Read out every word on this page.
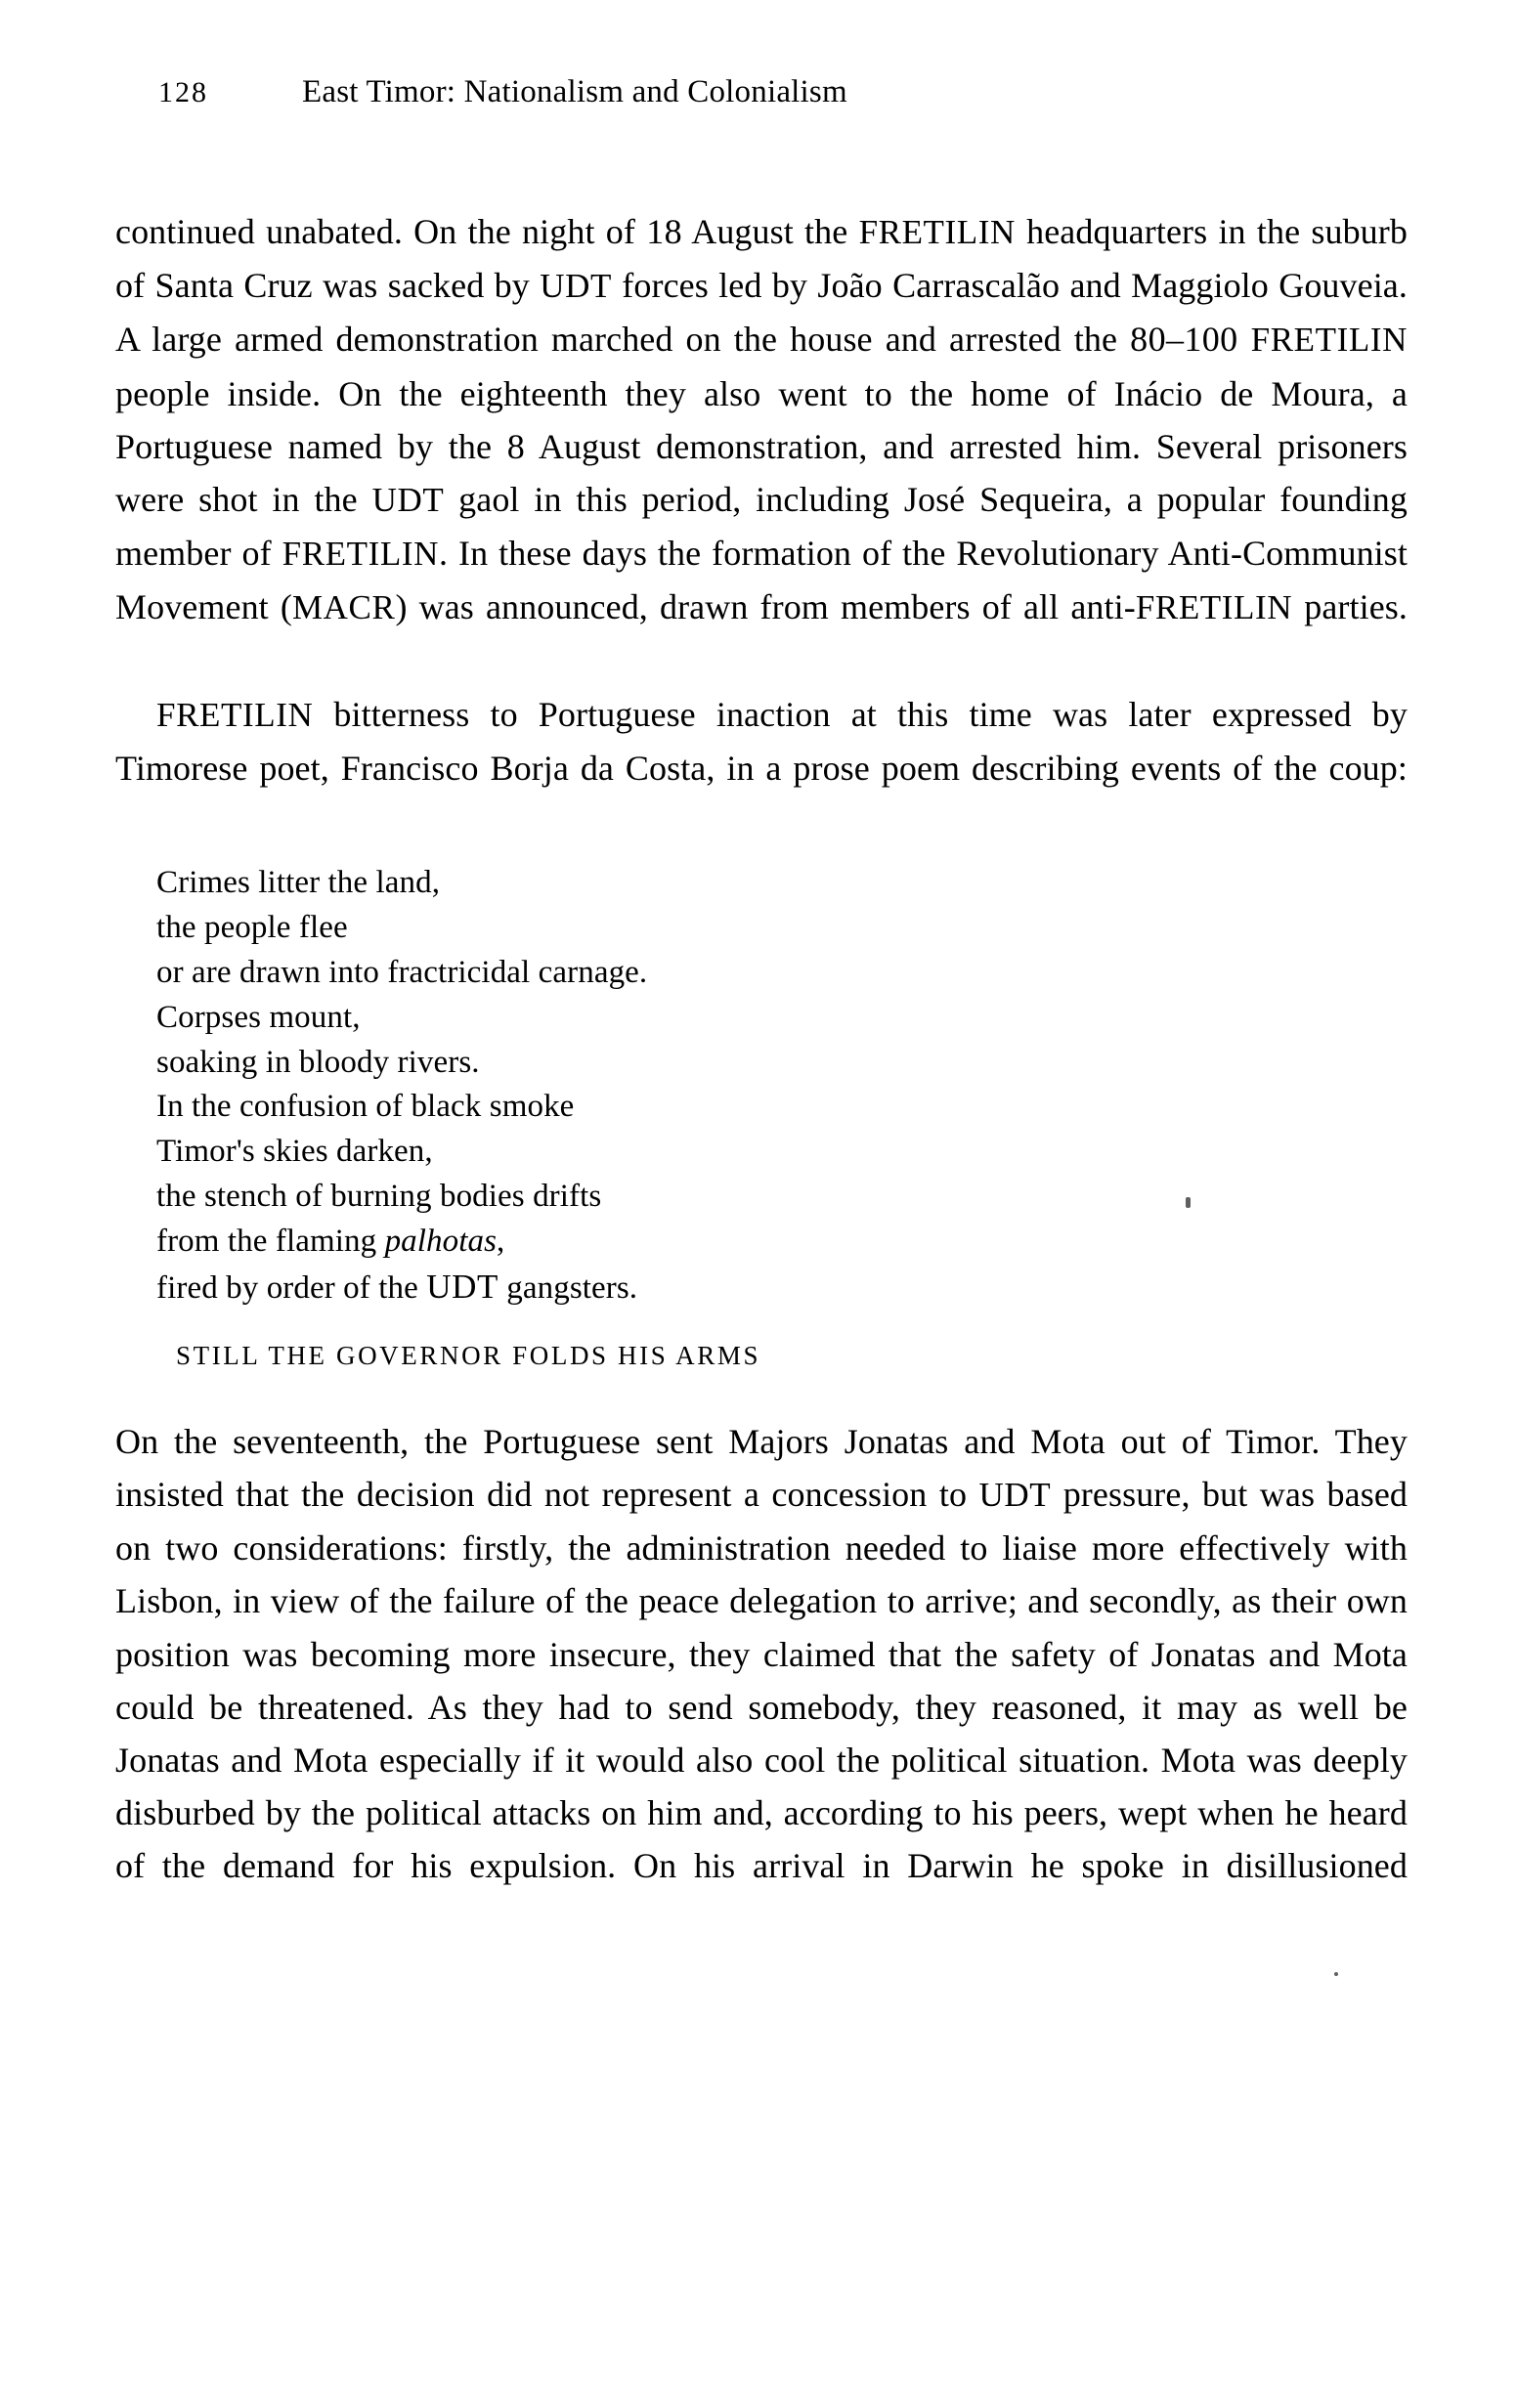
128	East Timor: Nationalism and Colonialism

continued unabated. On the night of 18 August the FRETILIN headquarters in the suburb of Santa Cruz was sacked by UDT forces led by João Carrascalão and Maggiolo Gouveia. A large armed demonstration marched on the house and arrested the 80–100 FRETILIN people inside. On the eighteenth they also went to the home of Inácio de Moura, a Portuguese named by the 8 August demonstration, and arrested him. Several prisoners were shot in the UDT gaol in this period, including José Sequeira, a popular founding member of FRETILIN. In these days the formation of the Revolutionary Anti-Communist Movement (MACR) was announced, drawn from members of all anti-FRETILIN parties.

FRETILIN bitterness to Portuguese inaction at this time was later expressed by Timorese poet, Francisco Borja da Costa, in a prose poem describing events of the coup:

Crimes litter the land,
the people flee
or are drawn into fractricidal carnage.
Corpses mount,
soaking in bloody rivers.
In the confusion of black smoke
Timor's skies darken,
the stench of burning bodies drifts
from the flaming palhotas,
fired by order of the UDT gangsters.
STILL THE GOVERNOR FOLDS HIS ARMS

On the seventeenth, the Portuguese sent Majors Jonatas and Mota out of Timor. They insisted that the decision did not represent a concession to UDT pressure, but was based on two considerations: firstly, the administration needed to liaise more effectively with Lisbon, in view of the failure of the peace delegation to arrive; and secondly, as their own position was becoming more insecure, they claimed that the safety of Jonatas and Mota could be threatened. As they had to send somebody, they reasoned, it may as well be Jonatas and Mota especially if it would also cool the political situation. Mota was deeply disburbed by the political attacks on him and, according to his peers, wept when he heard of the demand for his expulsion. On his arrival in Darwin he spoke in disillusioned
